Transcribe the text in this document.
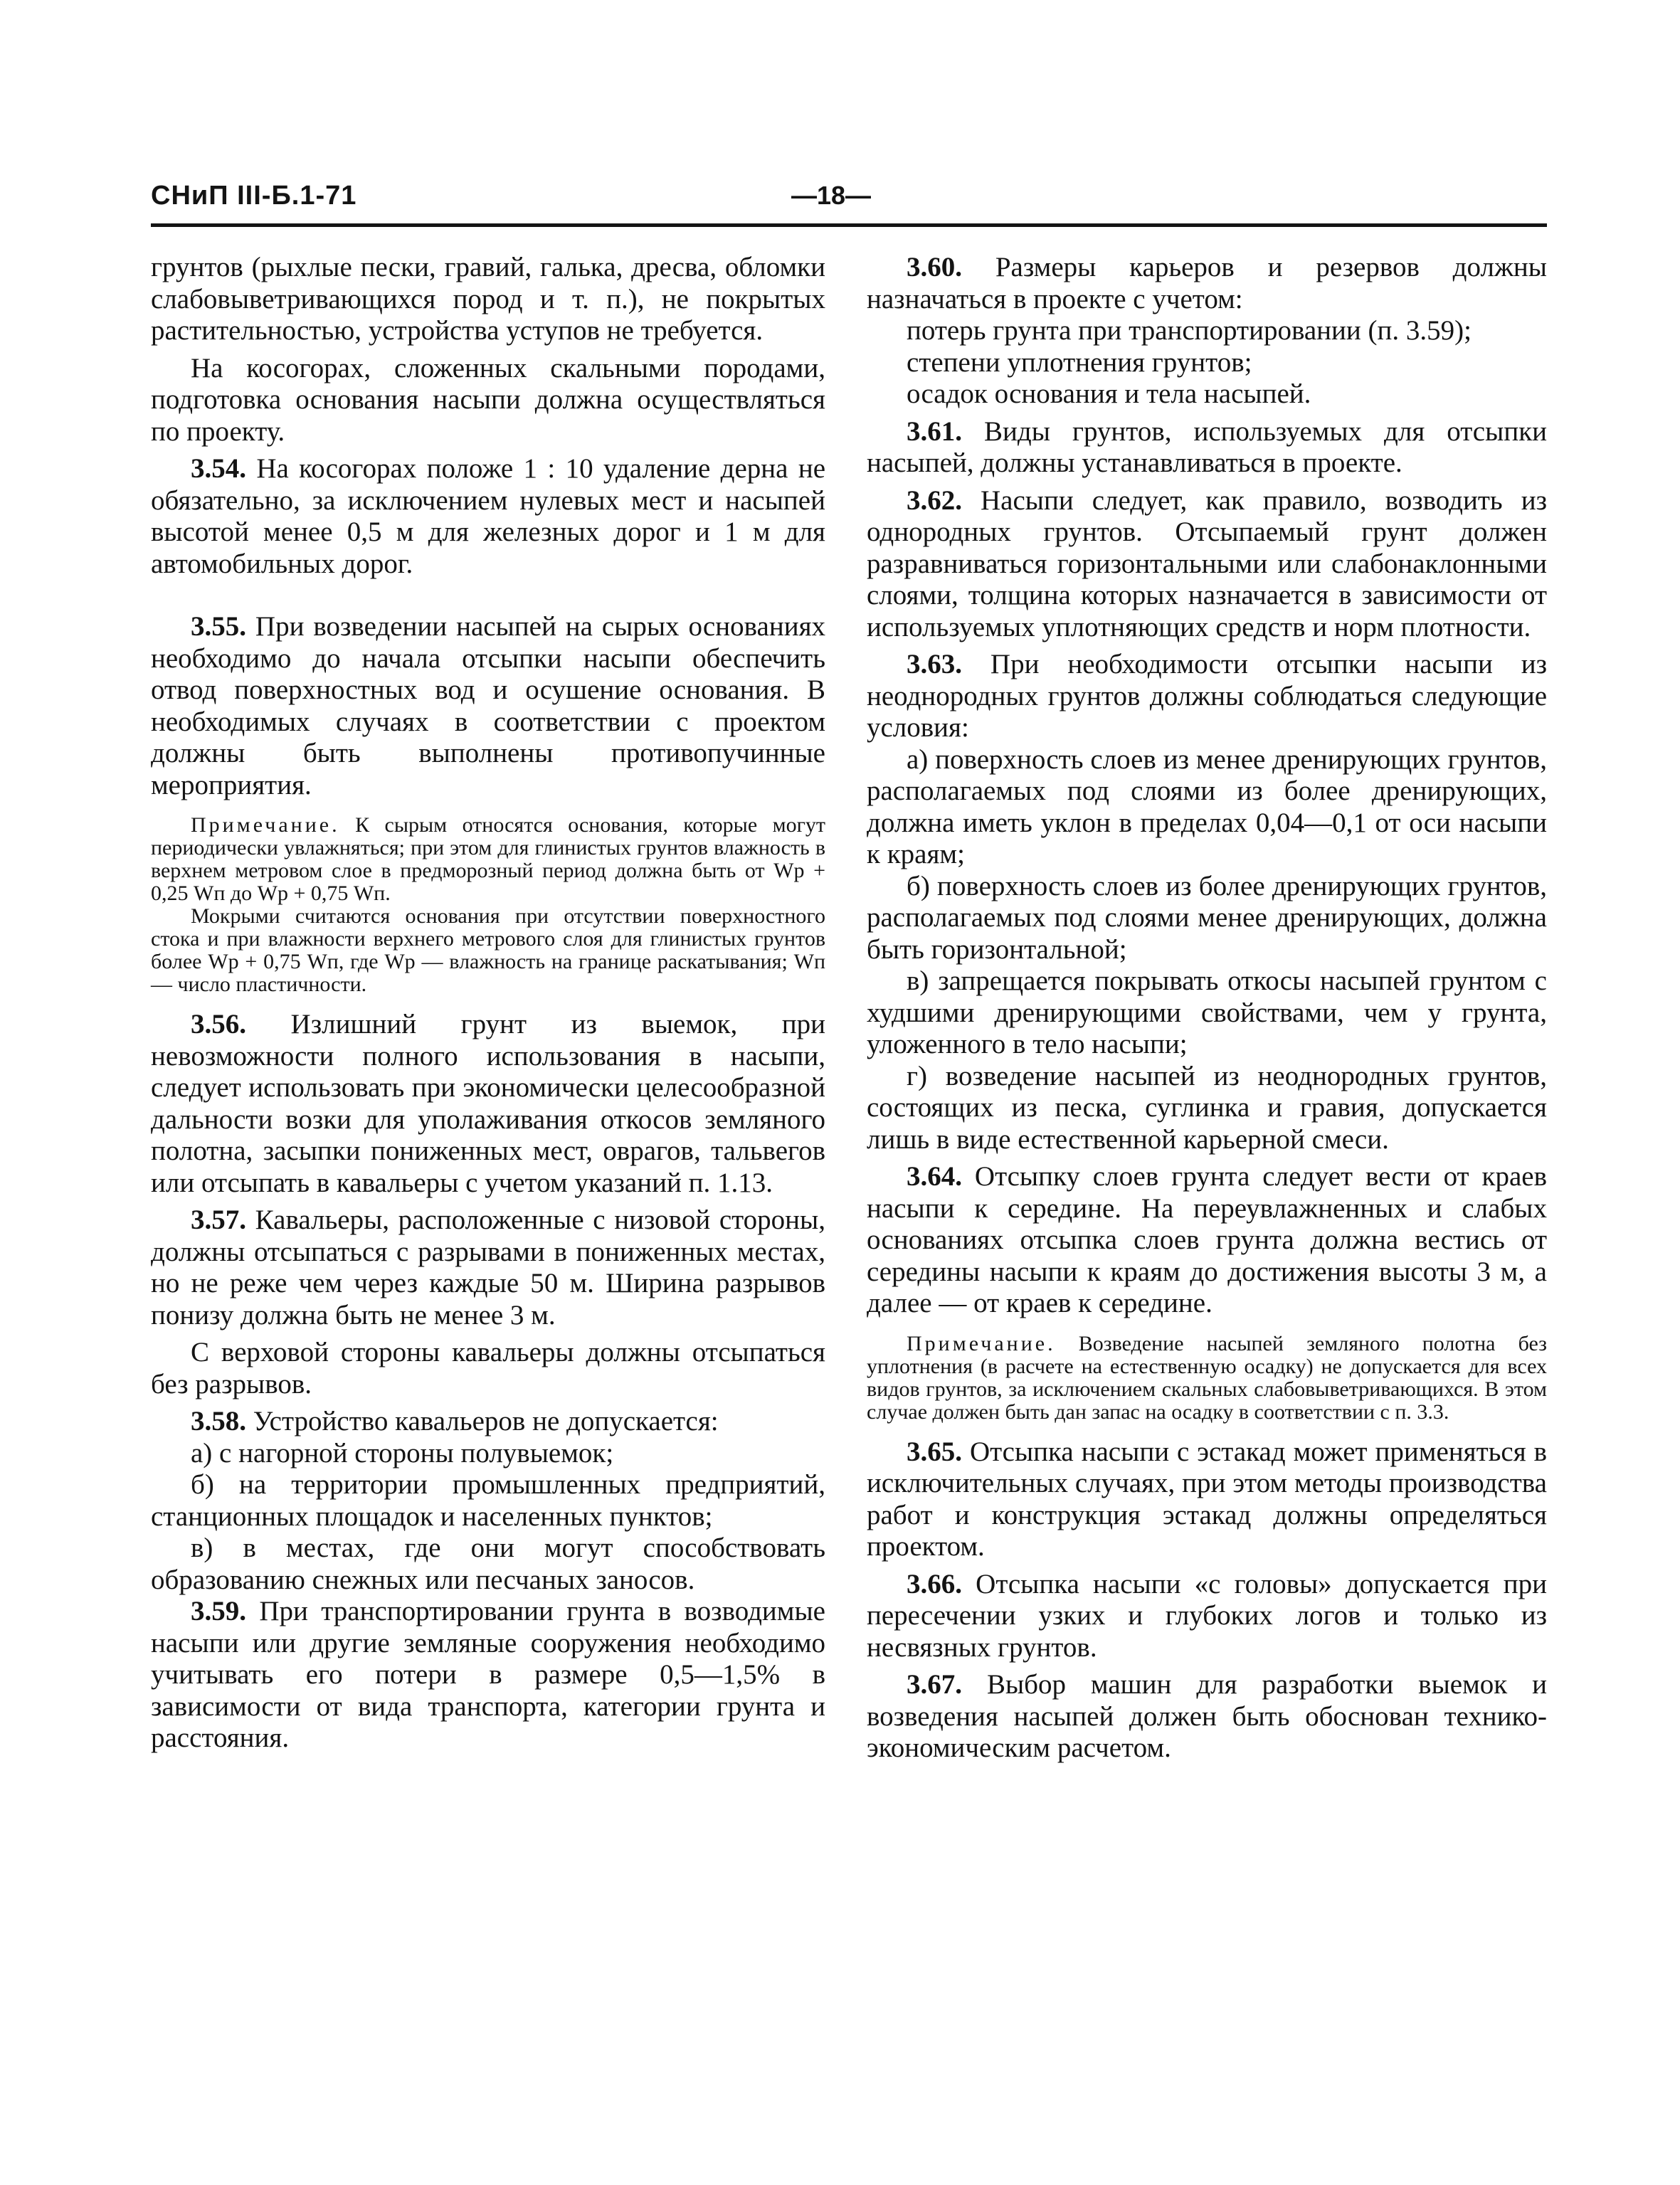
СНиП III-Б.1-71	—18—

грунтов (рыхлые пески, гравий, галька, дресва, обломки слабовыветривающихся пород и т. п.), не покрытых растительностью, устройства уступов не требуется.

На косогорах, сложенных скальными породами, подготовка основания насыпи должна осуществляться по проекту.

3.54. На косогорах положе 1 : 10 удаление дерна не обязательно, за исключением нулевых мест и насыпей высотой менее 0,5 м для железных дорог и 1 м для автомобильных дорог.

3.55. При возведении насыпей на сырых основаниях необходимо до начала отсыпки насыпи обеспечить отвод поверхностных вод и осушение основания. В необходимых случаях в соответствии с проектом должны быть выполнены противопучинные мероприятия.

Примечание. К сырым относятся основания, которые могут периодически увлажняться; при этом для глинистых грунтов влажность в верхнем метровом слое в предморозный период должна быть от Wр + 0,25 Wп до Wр + 0,75 Wп.

Мокрыми считаются основания при отсутствии поверхностного стока и при влажности верхнего метрового слоя для глинистых грунтов более Wр + 0,75 Wп, где Wр — влажность на границе раскатывания; Wп — число пластичности.

3.56. Излишний грунт из выемок, при невозможности полного использования в насыпи, следует использовать при экономически целесообразной дальности возки для уполаживания откосов земляного полотна, засыпки пониженных мест, оврагов, тальвегов или отсыпать в кавальеры с учетом указаний п. 1.13.

3.57. Кавальеры, расположенные с низовой стороны, должны отсыпаться с разрывами в пониженных местах, но не реже чем через каждые 50 м. Ширина разрывов понизу должна быть не менее 3 м.

С верховой стороны кавальеры должны отсыпаться без разрывов.

3.58. Устройство кавальеров не допускается:

а) с нагорной стороны полувыемок;

б) на территории промышленных предприятий, станционных площадок и населенных пунктов;

в) в местах, где они могут способствовать образованию снежных или песчаных заносов.

3.59. При транспортировании грунта в возводимые насыпи или другие земляные сооружения необходимо учитывать его потери в размере 0,5—1,5% в зависимости от вида транспорта, категории грунта и расстояния.

3.60. Размеры карьеров и резервов должны назначаться в проекте с учетом:

потерь грунта при транспортировании (п. 3.59);

степени уплотнения грунтов;

осадок основания и тела насыпей.

3.61. Виды грунтов, используемых для отсыпки насыпей, должны устанавливаться в проекте.

3.62. Насыпи следует, как правило, возводить из однородных грунтов. Отсыпаемый грунт должен разравниваться горизонтальными или слабонаклонными слоями, толщина которых назначается в зависимости от используемых уплотняющих средств и норм плотности.

3.63. При необходимости отсыпки насыпи из неоднородных грунтов должны соблюдаться следующие условия:

а) поверхность слоев из менее дренирующих грунтов, располагаемых под слоями из более дренирующих, должна иметь уклон в пределах 0,04—0,1 от оси насыпи к краям;

б) поверхность слоев из более дренирующих грунтов, располагаемых под слоями менее дренирующих, должна быть горизонтальной;

в) запрещается покрывать откосы насыпей грунтом с худшими дренирующими свойствами, чем у грунта, уложенного в тело насыпи;

г) возведение насыпей из неоднородных грунтов, состоящих из песка, суглинка и гравия, допускается лишь в виде естественной карьерной смеси.

3.64. Отсыпку слоев грунта следует вести от краев насыпи к середине. На переувлажненных и слабых основаниях отсыпка слоев грунта должна вестись от середины насыпи к краям до достижения высоты 3 м, а далее — от краев к середине.

Примечание. Возведение насыпей земляного полотна без уплотнения (в расчете на естественную осадку) не допускается для всех видов грунтов, за исключением скальных слабовыветривающихся. В этом случае должен быть дан запас на осадку в соответствии с п. 3.3.

3.65. Отсыпка насыпи с эстакад может применяться в исключительных случаях, при этом методы производства работ и конструкция эстакад должны определяться проектом.

3.66. Отсыпка насыпи «с головы» допускается при пересечении узких и глубоких логов и только из несвязных грунтов.

3.67. Выбор машин для разработки выемок и возведения насыпей должен быть обоснован технико-экономическим расчетом.
